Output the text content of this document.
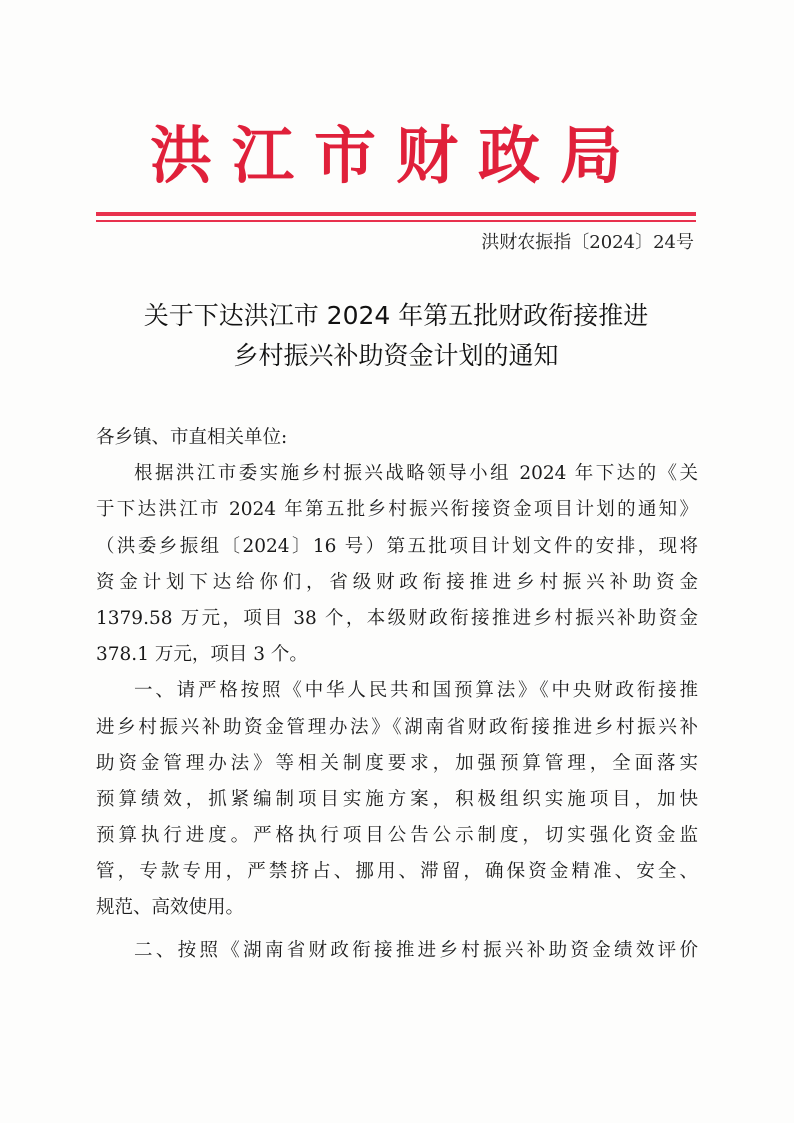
洪江市财政局
洪财农振指〔2024〕24号
关于下达洪江市 2024 年第五批财政衔接推进
乡村振兴补助资金计划的通知
各乡镇、市直相关单位:
根据洪江市委实施乡村振兴战略领导小组 2024 年下达的《关
于下达洪江市 2024 年第五批乡村振兴衔接资金项目计划的通知》
（洪委乡振组〔2024〕16 号）第五批项目计划文件的安排，现将
资金计划下达给你们，省级财政衔接推进乡村振兴补助资金
1379.58 万元，项目 38 个，本级财政衔接推进乡村振兴补助资金
378.1 万元，项目 3 个。
一、请严格按照《中华人民共和国预算法》《中央财政衔接推
进乡村振兴补助资金管理办法》《湖南省财政衔接推进乡村振兴补
助资金管理办法》等相关制度要求，加强预算管理，全面落实
预算绩效，抓紧编制项目实施方案，积极组织实施项目，加快
预算执行进度。严格执行项目公告公示制度，切实强化资金监
管，专款专用，严禁挤占、挪用、滞留，确保资金精准、安全、
规范、高效使用。
二、按照《湖南省财政衔接推进乡村振兴补助资金绩效评价
